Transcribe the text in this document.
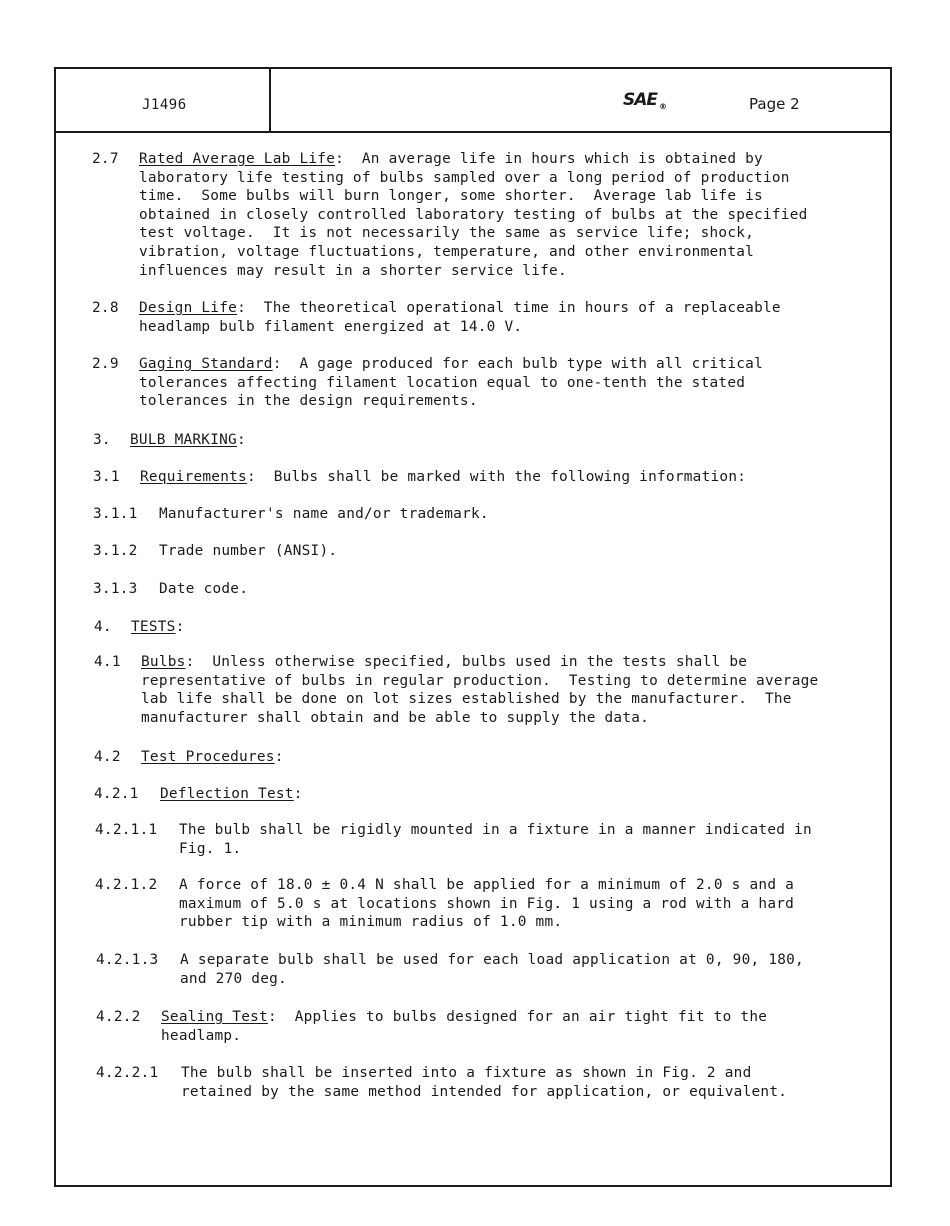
J1496	SAE $_®$	Page 2

2.7

Rated Average Lab Life:  An average life in hours which is obtained by
laboratory life testing of bulbs sampled over a long period of production
time.  Some bulbs will burn longer, some shorter.  Average lab life is
obtained in closely controlled laboratory testing of bulbs at the specified
test voltage.  It is not necessarily the same as service life; shock,
vibration, voltage fluctuations, temperature, and other environmental
influences may result in a shorter service life.

2.8

Design Life:  The theoretical operational time in hours of a replaceable
headlamp bulb filament energized at 14.0 V.

2.9

Gaging Standard:  A gage produced for each bulb type with all critical
tolerances affecting filament location equal to one-tenth the stated
tolerances in the design requirements.

3.

BULB MARKING:

3.1

Requirements:  Bulbs shall be marked with the following information:

3.1.1

Manufacturer's name and/or trademark.

3.1.2

Trade number (ANSI).

3.1.3

Date code.

4.

TESTS:

4.1

Bulbs:  Unless otherwise specified, bulbs used in the tests shall be
representative of bulbs in regular production.  Testing to determine average
lab life shall be done on lot sizes established by the manufacturer.  The
manufacturer shall obtain and be able to supply the data.

4.2

Test Procedures:

4.2.1

Deflection Test:

4.2.1.1

The bulb shall be rigidly mounted in a fixture in a manner indicated in
Fig. 1.

4.2.1.2

A force of 18.0 ± 0.4 N shall be applied for a minimum of 2.0 s and a
maximum of 5.0 s at locations shown in Fig. 1 using a rod with a hard
rubber tip with a minimum radius of 1.0 mm.

4.2.1.3

A separate bulb shall be used for each load application at 0, 90, 180,
and 270 deg.

4.2.2

Sealing Test:  Applies to bulbs designed for an air tight fit to the
headlamp.

4.2.2.1

The bulb shall be inserted into a fixture as shown in Fig. 2 and
retained by the same method intended for application, or equivalent.
